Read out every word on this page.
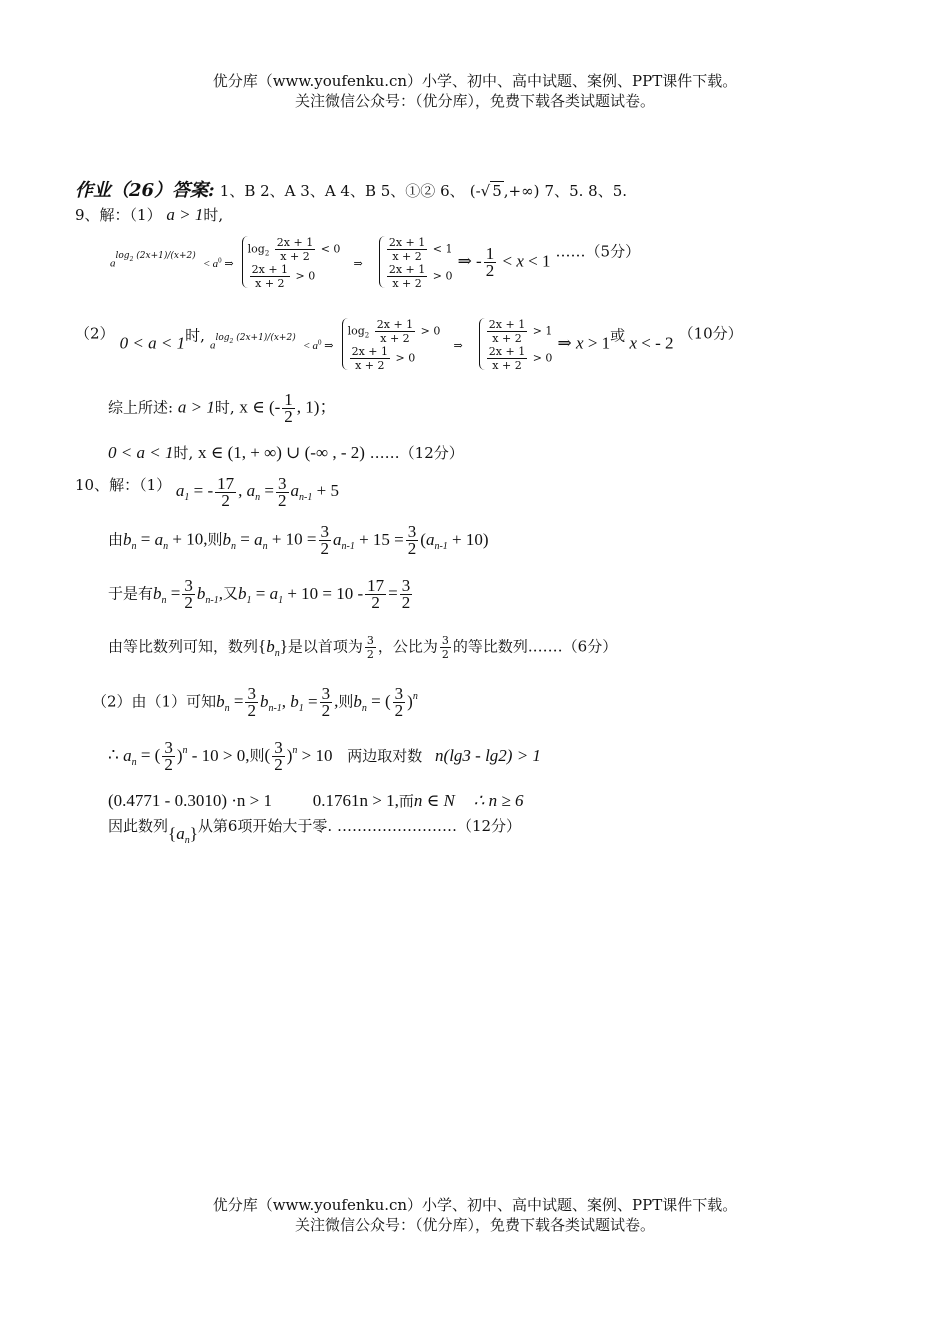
优分库（www.youfenku.cn）小学、初中、高中试题、案例、PPT课件下载。
关注微信公众号：（优分库），免费下载各类试题试卷。
作业（26）答案: 1、B 2、A 3、A 4、B 5、①② 6、 (-√ 5 ,+∞) 7、5. 8、5.
9、解：（1） a > 1时,
$a^{log_2 (2x+1)/(x+2)} < a^0$ ⇒
$\log_2 \frac{2x + 1}{x + 2} < 0$
$\frac{2x + 1}{x + 2} > 0$
⇒
$\frac{2x + 1}{x + 2} < 1$
$\frac{2x + 1}{x + 2} > 0$
⇒ - $\frac{1}{2} < x < 1$ ……（5分）
（2） 0 < a < 1时, $a^{log_2 (2x+1)/(x+2)} < a^0$ ⇒
$\log_2 \frac{2x + 1}{x + 2} > 0$
$\frac{2x + 1}{x + 2} > 0$
⇒
$\frac{2x + 1}{x + 2} > 1$
$\frac{2x + 1}{x + 2} > 0$
⇒ x > 1或 x < - 2 （10分）
综上所述: a > 1时, x ∈ (- $\frac{1}{2}$ , 1)；
0 < a < 1时, x ∈ (1, + ∞) ∪ (-∞ , - 2) ……（12分）
10、解：（1） $a_1$ = - $\frac{17}{2}$ , $a_n = \frac{3}{2} a_{n-1} + 5$
由$b_n = a_n + 10$,则$b_n = a_n + 10 = \frac{3}{2} a_{n-1} + 15 = \frac{3}{2} (a_{n-1} + 10)$
于是有$b_n = \frac{3}{2} b_{n-1}$,又$b_1 = a_1 + 10 = 10 - \frac{17}{2} = \frac{3}{2}$
由等比数列可知，数列$\{b_n\}$是以首项为 $\frac{3}{2}$ ，公比为 $\frac{3}{2}$ 的等比数列.……（6分）
（2）由（1）可知$b_n = \frac{3}{2} b_{n-1}$, $b_1 = \frac{3}{2}$ ,则$b_n$ = ( $\frac{3}{2} )^n$
∴ $a_n$ = ( $\frac{3}{2} )^n - 10 > 0$,则( $\frac{3}{2} )^n > 10$ 两边取对数 n(lg3 - lg2) > 1
(0.4771 - 0.3010) ·n > 1 0.1761n > 1,而n ∈ N ∴ n ≥ 6
因此数列$\{a_n\}$从第6项开始大于零. ……………………（12分）
优分库（www.youfenku.cn）小学、初中、高中试题、案例、PPT课件下载。
关注微信公众号：（优分库），免费下载各类试题试卷。
